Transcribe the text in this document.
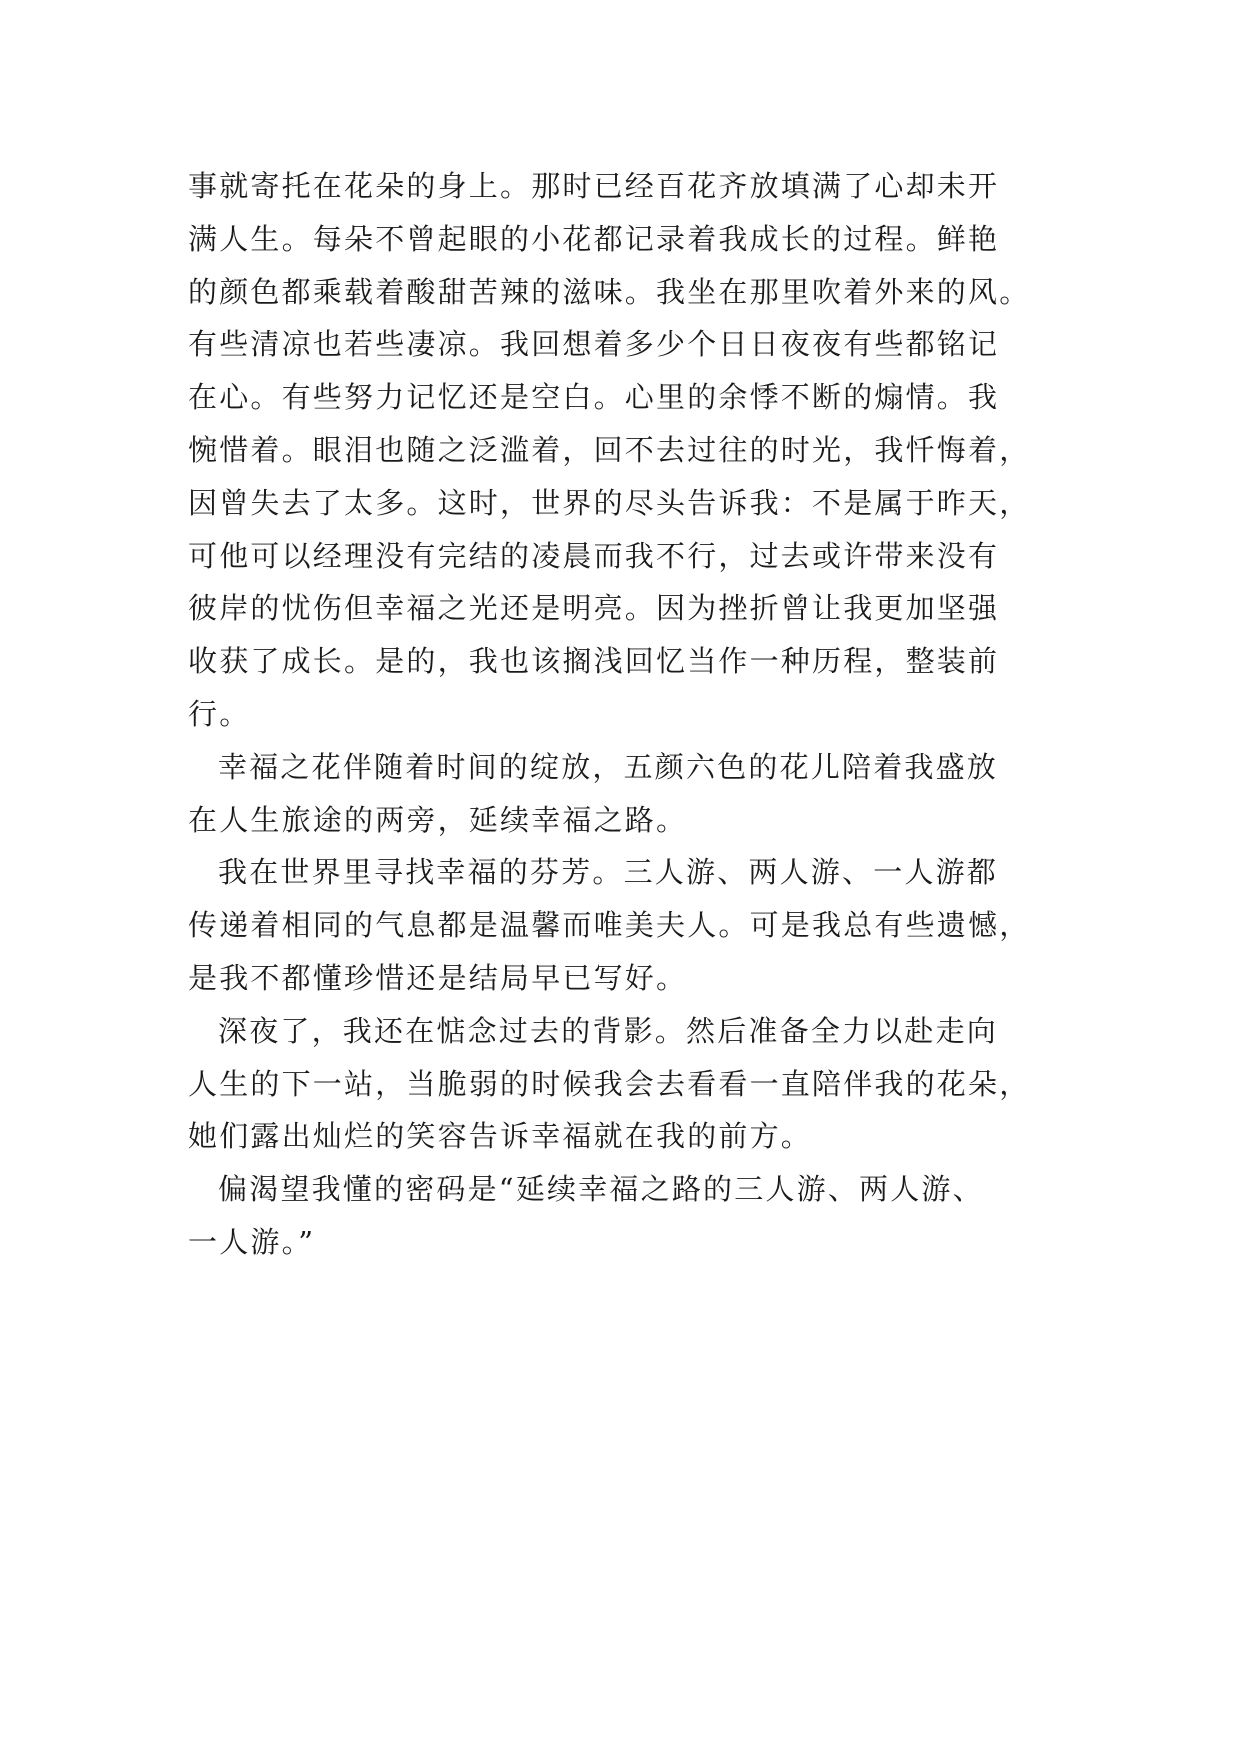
事就寄托在花朵的身上。那时已经百花齐放填满了心却未开
满人生。每朵不曾起眼的小花都记录着我成长的过程。鲜艳
的颜色都乘载着酸甜苦辣的滋味。我坐在那里吹着外来的风。
有些清凉也若些凄凉。我回想着多少个日日夜夜有些都铭记
在心。有些努力记忆还是空白。心里的余悸不断的煽情。我
惋惜着。眼泪也随之泛滥着，回不去过往的时光，我忏悔着，
因曾失去了太多。这时，世界的尽头告诉我：不是属于昨天，
可他可以经理没有完结的凌晨而我不行，过去或许带来没有
彼岸的忧伤但幸福之光还是明亮。因为挫折曾让我更加坚强
收获了成长。是的，我也该搁浅回忆当作一种历程，整装前
行。
幸福之花伴随着时间的绽放，五颜六色的花儿陪着我盛放
在人生旅途的两旁，延续幸福之路。
我在世界里寻找幸福的芬芳。三人游、两人游、一人游都
传递着相同的气息都是温馨而唯美夫人。可是我总有些遗憾，
是我不都懂珍惜还是结局早已写好。
深夜了，我还在惦念过去的背影。然后准备全力以赴走向
人生的下一站，当脆弱的时候我会去看看一直陪伴我的花朵，
她们露出灿烂的笑容告诉幸福就在我的前方。
偏渴望我懂的密码是“延续幸福之路的三人游、两人游、
一人游。”
